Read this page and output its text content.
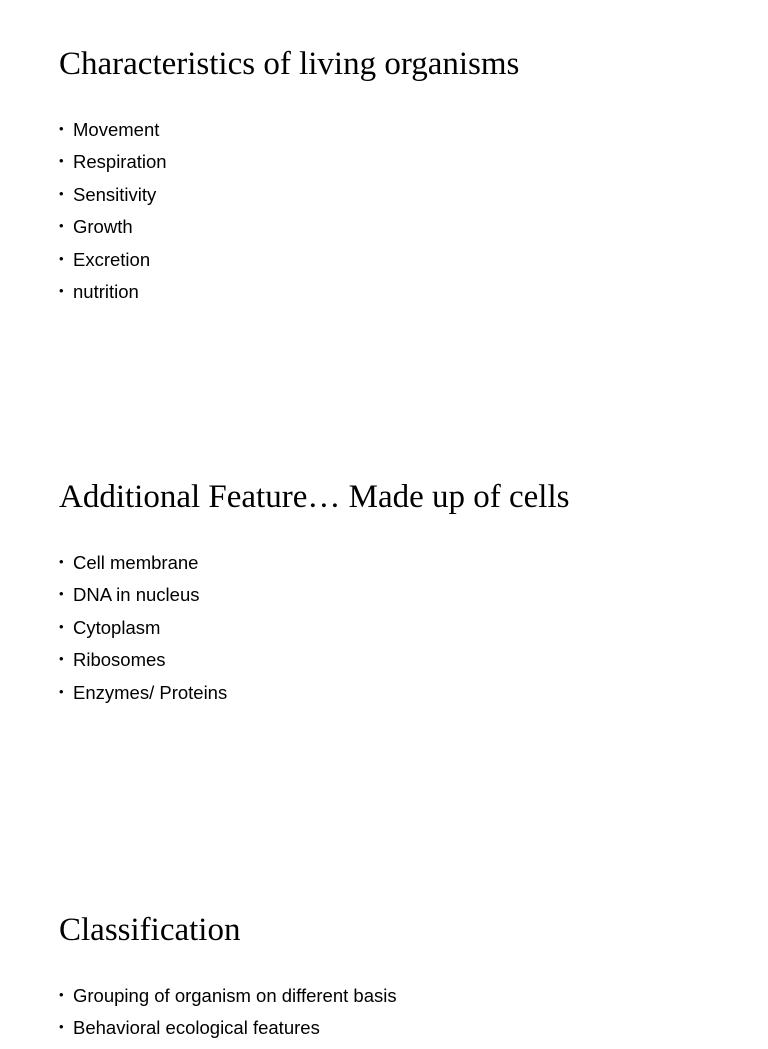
Characteristics of living organisms
• Movement
• Respiration
• Sensitivity
• Growth
• Excretion
• nutrition
Additional Feature… Made up of cells
• Cell membrane
• DNA in nucleus
• Cytoplasm
• Ribosomes
• Enzymes/ Proteins
Classification
• Grouping of organism on different basis
• Behavioral ecological features
